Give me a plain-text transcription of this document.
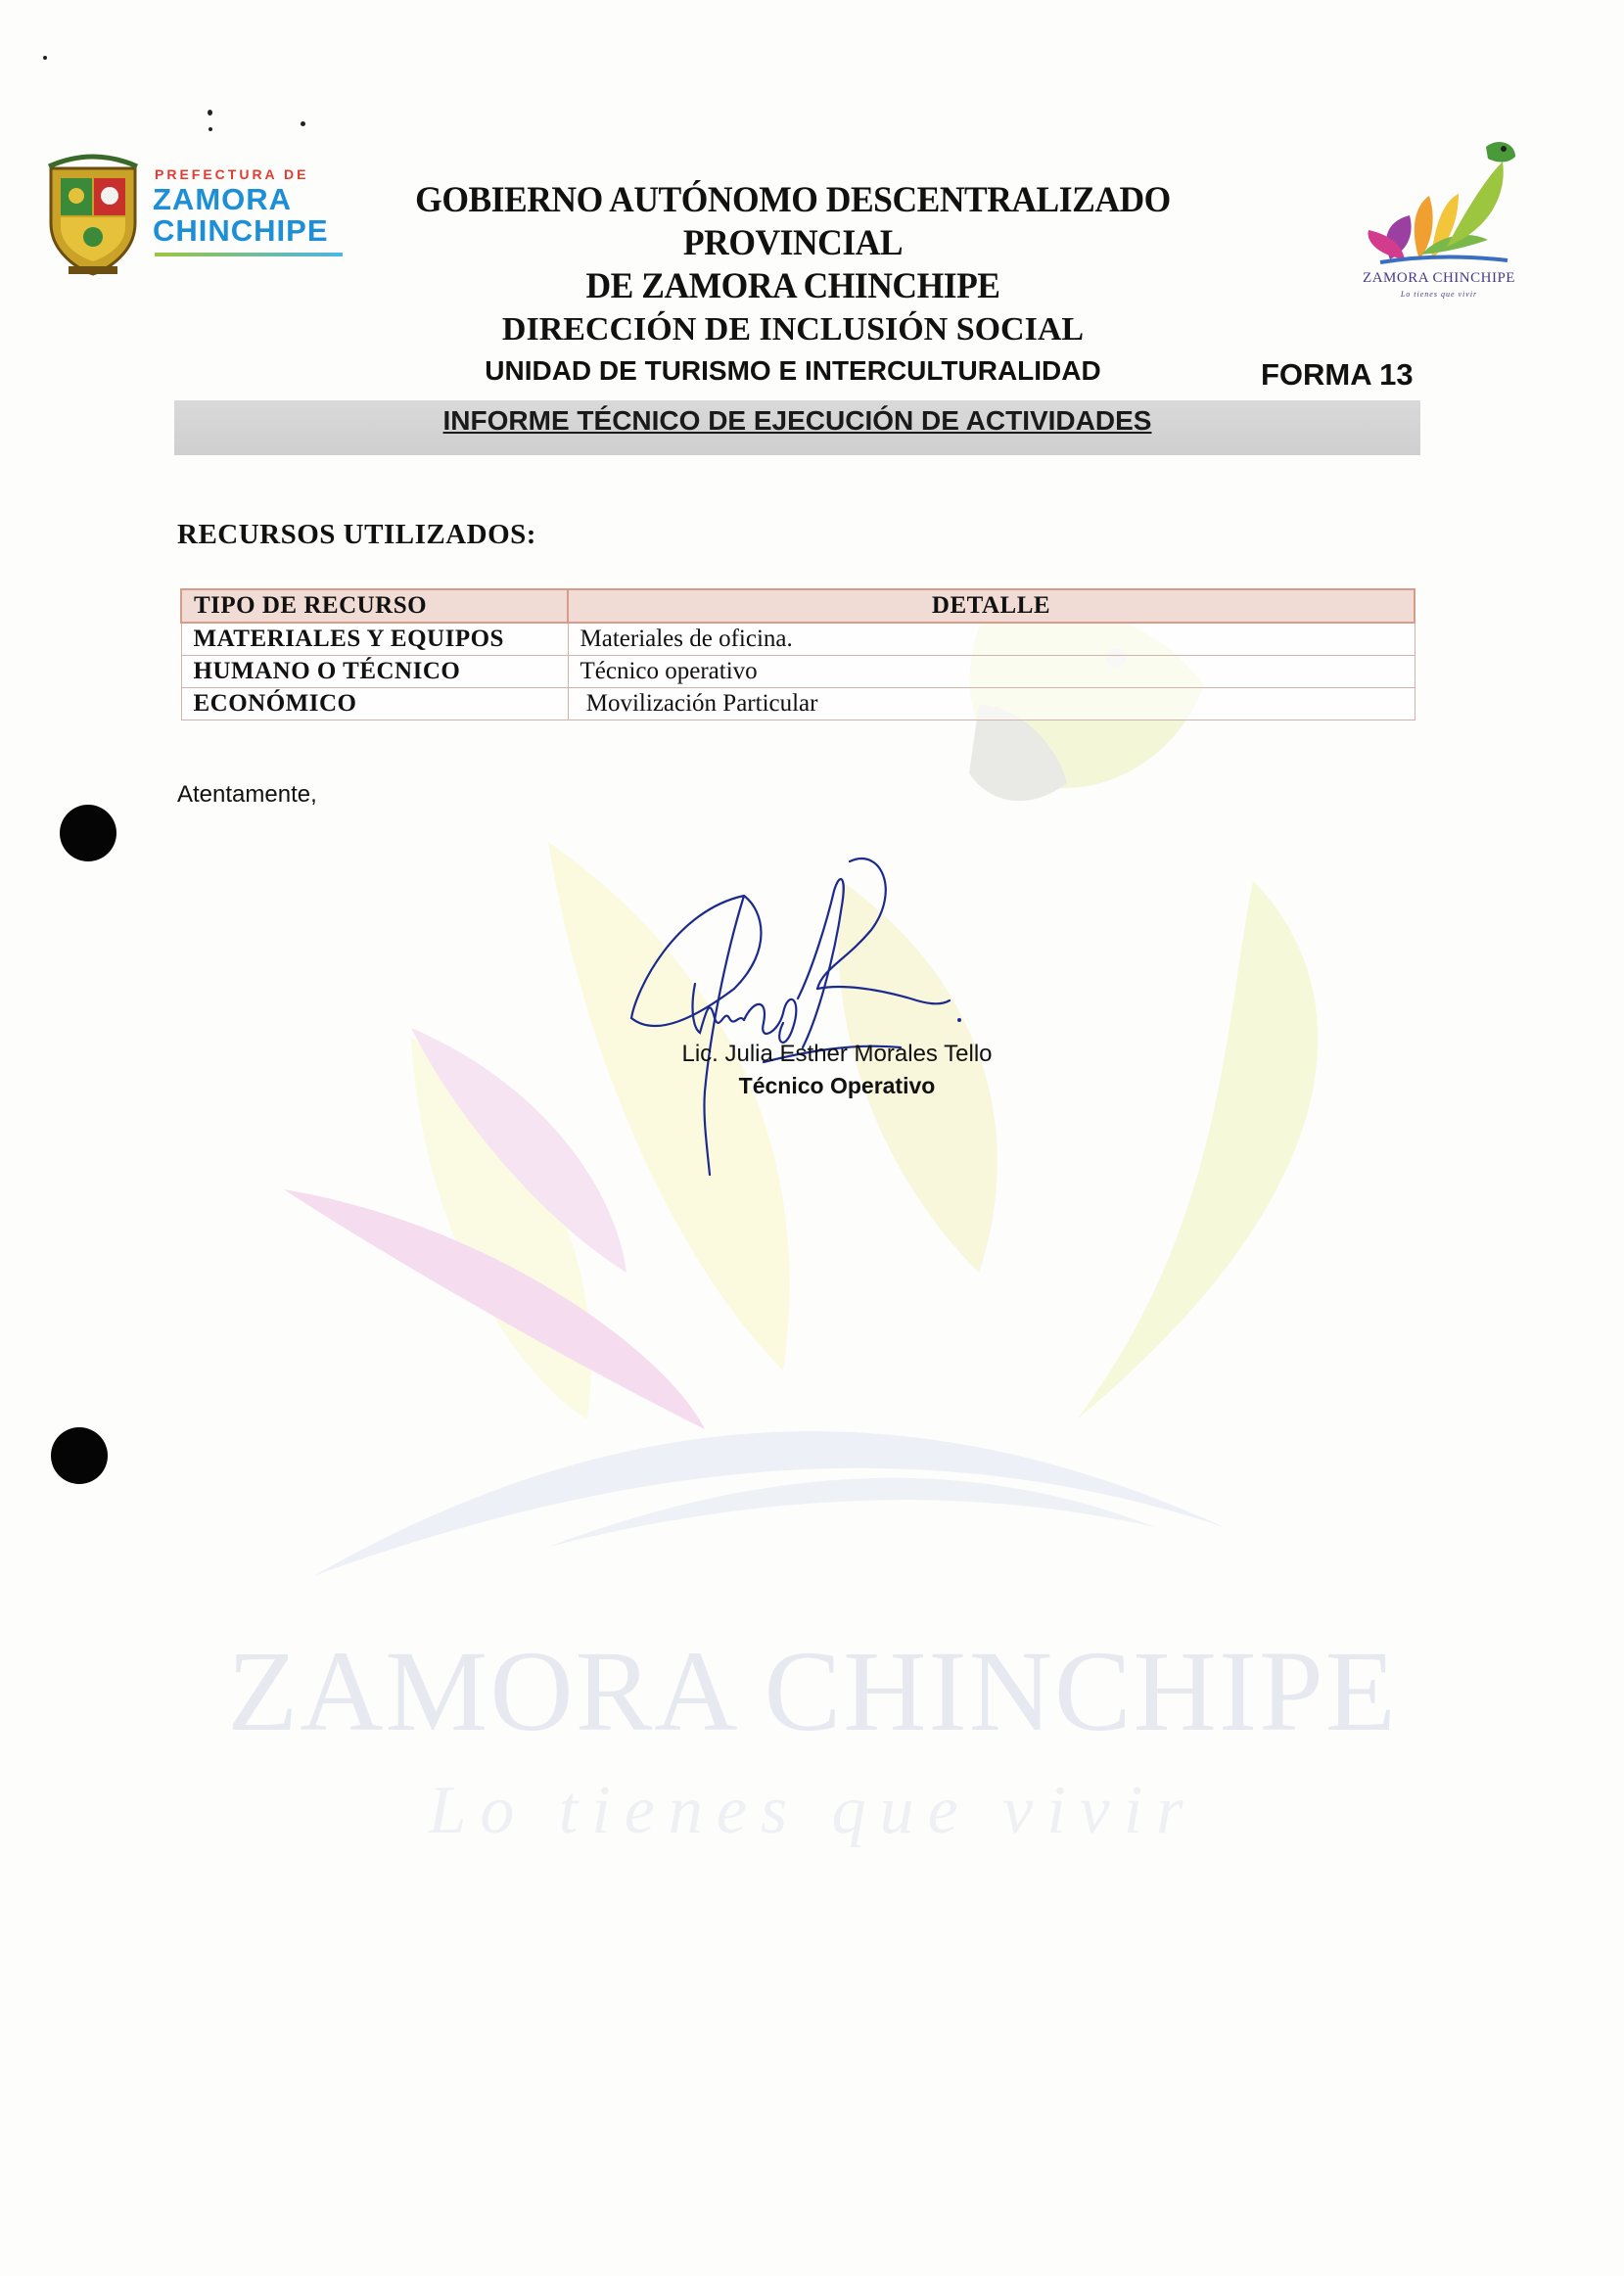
ZAMORA CHINCHIPE
Lo tienes que vivir
PREFECTURA DE
ZAMORA
CHINCHIPE
GOBIERNO AUTÓNOMO DESCENTRALIZADO PROVINCIAL
DE ZAMORA CHINCHIPE
DIRECCIÓN DE INCLUSIÓN SOCIAL
UNIDAD DE TURISMO E INTERCULTURALIDAD
ZAMORA CHINCHIPE
Lo tienes que vivir
FORMA 13
INFORME TÉCNICO DE EJECUCIÓN DE ACTIVIDADES
RECURSOS UTILIZADOS:
TIPO DE RECURSO	DETALLE
MATERIALES Y EQUIPOS	Materiales de oficina.
HUMANO O TÉCNICO	Técnico operativo
ECONÓMICO	Movilización Particular
Atentamente,
Lic. Julia Esther Morales Tello
Técnico Operativo
